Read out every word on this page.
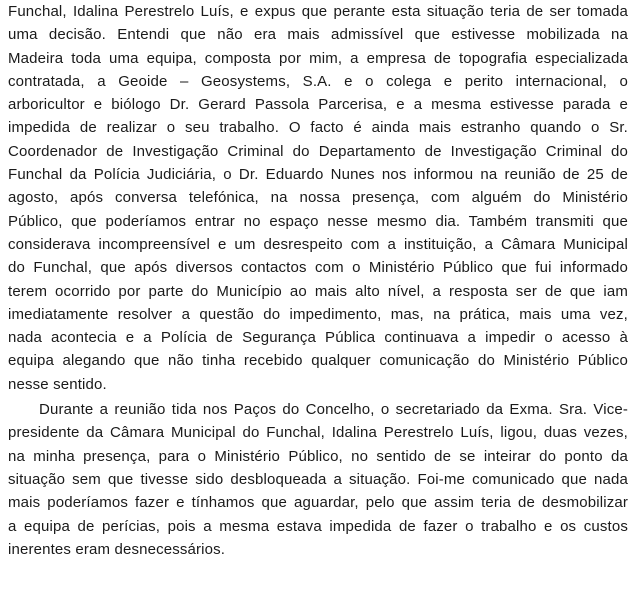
Funchal, Idalina Perestrelo Luís, e expus que perante esta situação teria de ser tomada
uma decisão. Entendi que não era mais admissível que estivesse mobilizada na
Madeira toda uma equipa, composta por mim, a empresa de topografia especializada
contratada, a Geoide – Geosystems, S.A. e o colega e perito internacional, o
arboricultor e biólogo Dr. Gerard Passola Parcerisa, e a mesma estivesse parada e
impedida de realizar o seu trabalho. O facto é ainda mais estranho quando o Sr.
Coordenador de Investigação Criminal do Departamento de Investigação Criminal do
Funchal da Polícia Judiciária, o Dr. Eduardo Nunes nos informou na reunião de 25 de
agosto, após conversa telefónica, na nossa presença, com alguém do Ministério
Público, que poderíamos entrar no espaço nesse mesmo dia. Também transmiti que
considerava incompreensível e um desrespeito com a instituição, a Câmara Municipal
do Funchal, que após diversos contactos com o Ministério Público que fui informado
terem ocorrido por parte do Município ao mais alto nível, a resposta ser de que iam
imediatamente resolver a questão do impedimento, mas, na prática, mais uma vez,
nada acontecia e a Polícia de Segurança Pública continuava a impedir o acesso à
equipa alegando que não tinha recebido qualquer comunicação do Ministério Público
nesse sentido.
Durante a reunião tida nos Paços do Concelho, o secretariado da Exma. Sra. Vice-
presidente da Câmara Municipal do Funchal, Idalina Perestrelo Luís, ligou, duas vezes,
na minha presença, para o Ministério Público, no sentido de se inteirar do ponto da
situação sem que tivesse sido desbloqueada a situação. Foi-me comunicado que nada
mais poderíamos fazer e tínhamos que aguardar, pelo que assim teria de desmobilizar
a equipa de perícias, pois a mesma estava impedida de fazer o trabalho e os custos
inerentes eram desnecessários.
